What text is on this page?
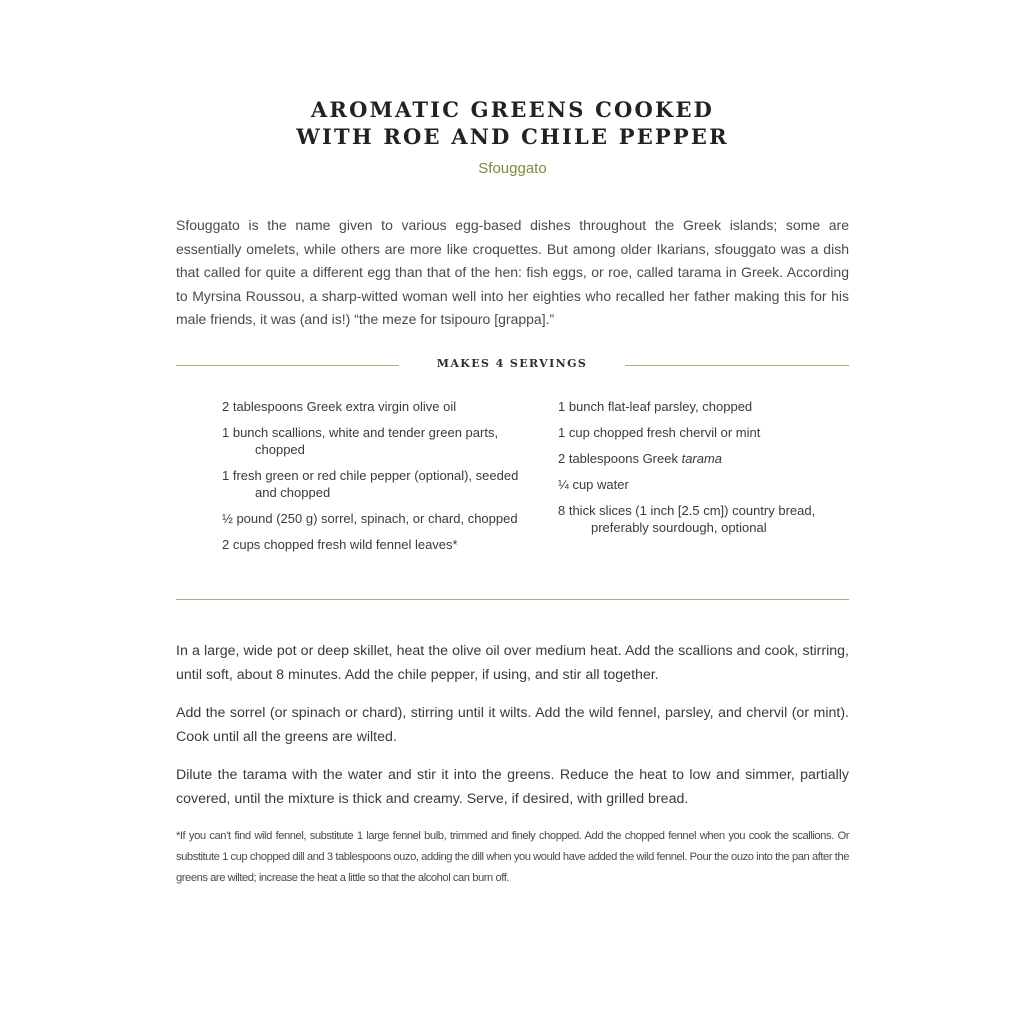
AROMATIC GREENS COOKED
WITH ROE AND CHILE PEPPER
Sfouggato
Sfouggato is the name given to various egg-based dishes throughout the Greek islands; some are essentially omelets, while others are more like croquettes. But among older Ikarians, sfouggato was a dish that called for quite a different egg than that of the hen: fish eggs, or roe, called tarama in Greek. According to Myrsina Roussou, a sharp-witted woman well into her eighties who recalled her father making this for his male friends, it was (and is!) “the meze for tsipouro [grappa].”
MAKES 4 SERVINGS
2 tablespoons Greek extra virgin olive oil
1 bunch scallions, white and tender green parts, chopped
1 fresh green or red chile pepper (optional), seeded and chopped
½ pound (250 g) sorrel, spinach, or chard, chopped
2 cups chopped fresh wild fennel leaves*
1 bunch flat-leaf parsley, chopped
1 cup chopped fresh chervil or mint
2 tablespoons Greek tarama
¼ cup water
8 thick slices (1 inch [2.5 cm]) country bread, preferably sourdough, optional

In a large, wide pot or deep skillet, heat the olive oil over medium heat. Add the scallions and cook, stirring, until soft, about 8 minutes. Add the chile pepper, if using, and stir all together.

Add the sorrel (or spinach or chard), stirring until it wilts. Add the wild fennel, parsley, and chervil (or mint). Cook until all the greens are wilted.

Dilute the tarama with the water and stir it into the greens. Reduce the heat to low and simmer, partially covered, until the mixture is thick and creamy. Serve, if desired, with grilled bread.

*If you can’t find wild fennel, substitute 1 large fennel bulb, trimmed and finely chopped. Add the chopped fennel when you cook the scallions. Or substitute 1 cup chopped dill and 3 tablespoons ouzo, adding the dill when you would have added the wild fennel. Pour the ouzo into the pan after the greens are wilted; increase the heat a little so that the alcohol can burn off.
